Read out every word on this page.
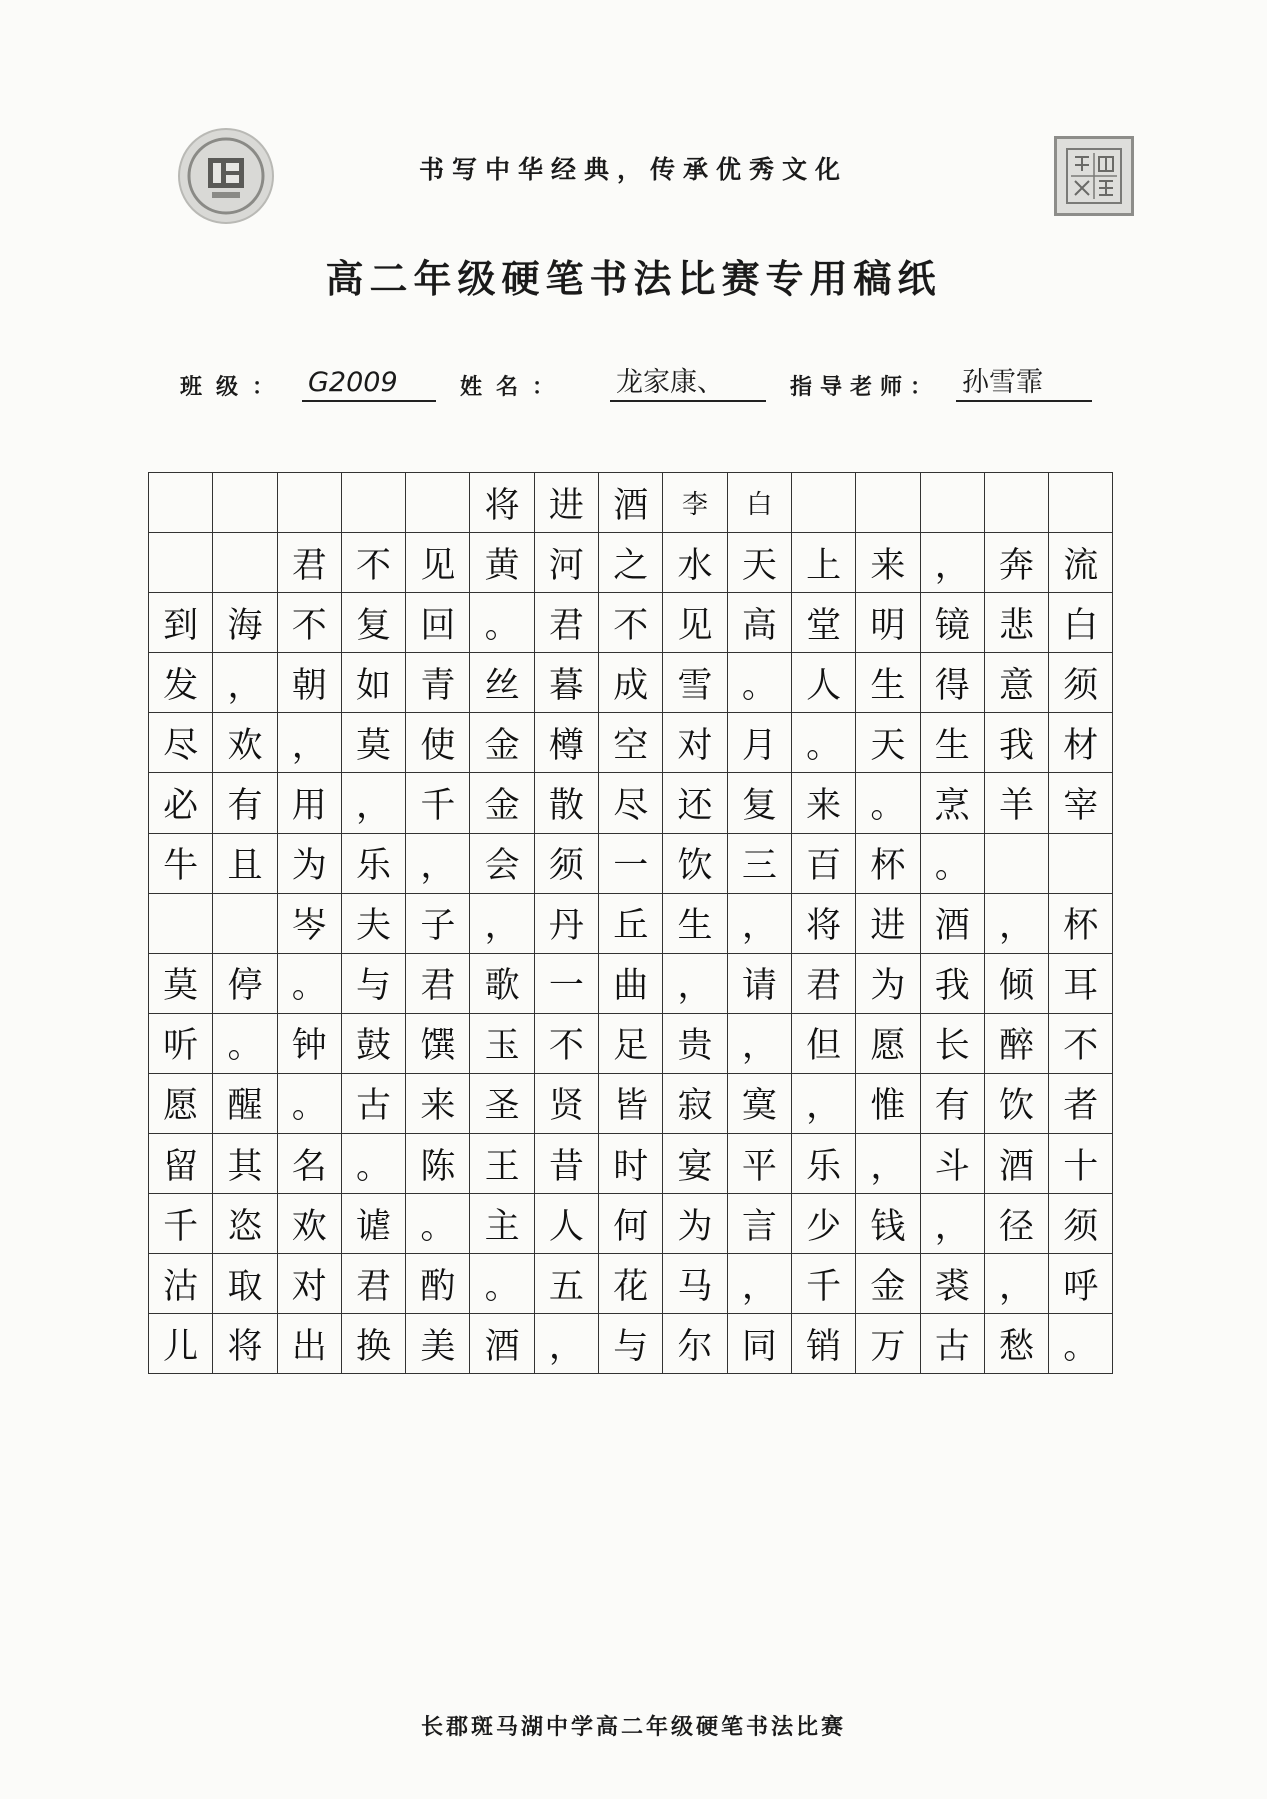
书写中华经典，传承优秀文化
高二年级硬笔书法比赛专用稿纸
班级： G2009	姓名： 龙家康、	指导老师： 孙雪霏
					将	进	酒	李	白					
		君	不	见	黄	河	之	水	天	上	来	，	奔	流
到	海	不	复	回	。	君	不	见	高	堂	明	镜	悲	白
发	，	朝	如	青	丝	暮	成	雪	。	人	生	得	意	须
尽	欢	，	莫	使	金	樽	空	对	月	。	天	生	我	材
必	有	用	，	千	金	散	尽	还	复	来	。	烹	羊	宰
牛	且	为	乐	，	会	须	一	饮	三	百	杯	。		
		岑	夫	子	，	丹	丘	生	，	将	进	酒	，	杯
莫	停	。	与	君	歌	一	曲	，	请	君	为	我	倾	耳
听	。	钟	鼓	馔	玉	不	足	贵	，	但	愿	长	醉	不
愿	醒	。	古	来	圣	贤	皆	寂	寞	，	惟	有	饮	者
留	其	名	。	陈	王	昔	时	宴	平	乐	，	斗	酒	十
千	恣	欢	谑	。	主	人	何	为	言	少	钱	，	径	须
沽	取	对	君	酌	。	五	花	马	，	千	金	裘	，	呼
儿	将	出	换	美	酒	，	与	尔	同	销	万	古	愁	。
长郡斑马湖中学高二年级硬笔书法比赛
